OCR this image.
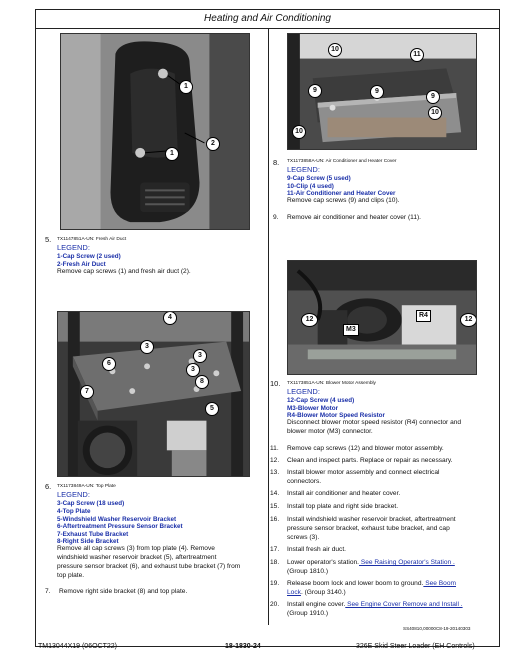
Heating and Air Conditioning
1
1
2
5. TX1147851A-UN: Fresh Air Duct
LEGEND:
1-Cap Screw (2 used)
2-Fresh Air Duct
Remove cap screws (1) and fresh air duct (2).
4
3
3
6
3
7
8
5
6. TX1173849A-UN: Top Plate
LEGEND:
3-Cap Screw (18 used)
4-Top Plate
5-Windshield Washer Reservoir Bracket
6-Aftertreatment Pressure Sensor Bracket
7-Exhaust Tube Bracket
8-Right Side Bracket
Remove all cap screws (3) from top plate (4). Remove
windshield washer reservoir bracket (5), aftertreatment
pressure sensor bracket (6), and exhaust tube bracket (7) from
top plate.
7. Remove right side bracket (8) and top plate.
10
11
9	9
9
10
10
8. TX1173858A-UN: Air Conditioner and Heater Cover
LEGEND:
9-Cap Screw (5 used)
10-Clip (4 used)
11-Air Conditioner and Heater Cover
Remove cap screws (9) and clips (10).
9. Remove air conditioner and heater cover (11).
12
M3
R4
12
10. TX1173851A-UN: Blower Motor Assembly
LEGEND:
12-Cap Screw (4 used)
M3-Blower Motor
R4-Blower Motor Speed Resistor
Disconnect blower motor speed resistor (R4) connector and
blower motor (M3) connector.
11. Remove cap screws (12) and blower motor assembly.
12. Clean and inspect parts. Replace or repair as necessary.
13. Install blower motor assembly and connect electrical
connectors.
14. Install air conditioner and heater cover.
15. Install top plate and right side bracket.
16. Install windshield washer reservoir bracket, aftertreatment
pressure sensor bracket, exhaust tube bracket, and cap
screws (3).
17. Install fresh air duct.
18. Lower operator's station. See Raising Operator's Station .
(Group 1810.)
19. Release boom lock and lower boom to ground. See Boom
Lock. (Group 3140.)
20. Install engine cover. See Engine Cover Remove and Install .
(Group 1910.)
SS40810,00000C8-19-20140303
TM13044X19 (06OCT22)	18-1830-24	326E Skid Steer Loader (EH Controls)
